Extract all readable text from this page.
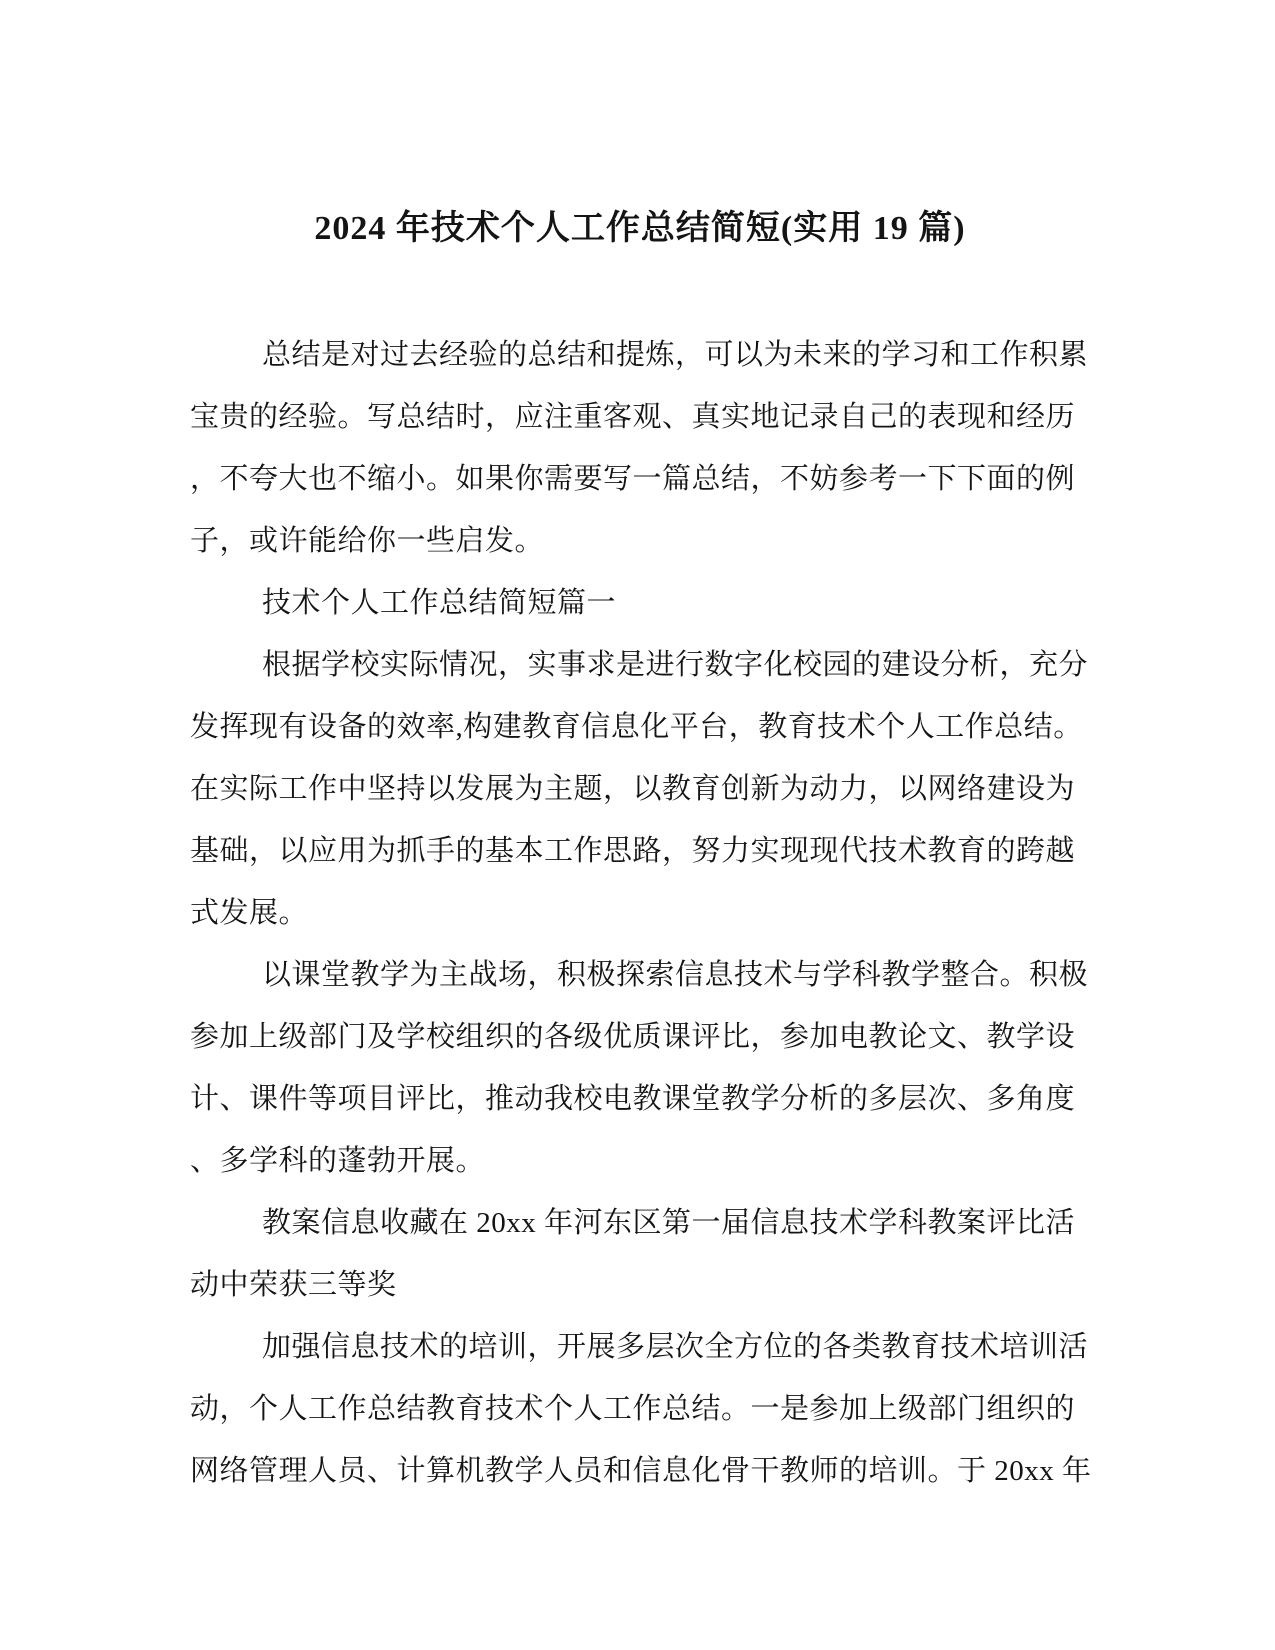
2024 年技术个人工作总结简短(实用 19 篇)
总结是对过去经验的总结和提炼，可以为未来的学习和工作积累
宝贵的经验。写总结时，应注重客观、真实地记录自己的表现和经历
，不夸大也不缩小。如果你需要写一篇总结，不妨参考一下下面的例
子，或许能给你一些启发。
技术个人工作总结简短篇一
根据学校实际情况，实事求是进行数字化校园的建设分析，充分
发挥现有设备的效率,构建教育信息化平台，教育技术个人工作总结。
在实际工作中坚持以发展为主题，以教育创新为动力，以网络建设为
基础，以应用为抓手的基本工作思路，努力实现现代技术教育的跨越
式发展。
以课堂教学为主战场，积极探索信息技术与学科教学整合。积极
参加上级部门及学校组织的各级优质课评比，参加电教论文、教学设
计、课件等项目评比，推动我校电教课堂教学分析的多层次、多角度
、多学科的蓬勃开展。
教案信息收藏在 20xx 年河东区第一届信息技术学科教案评比活
动中荣获三等奖
加强信息技术的培训，开展多层次全方位的各类教育技术培训活
动，个人工作总结教育技术个人工作总结。一是参加上级部门组织的
网络管理人员、计算机教学人员和信息化骨干教师的培训。于 20xx 年
